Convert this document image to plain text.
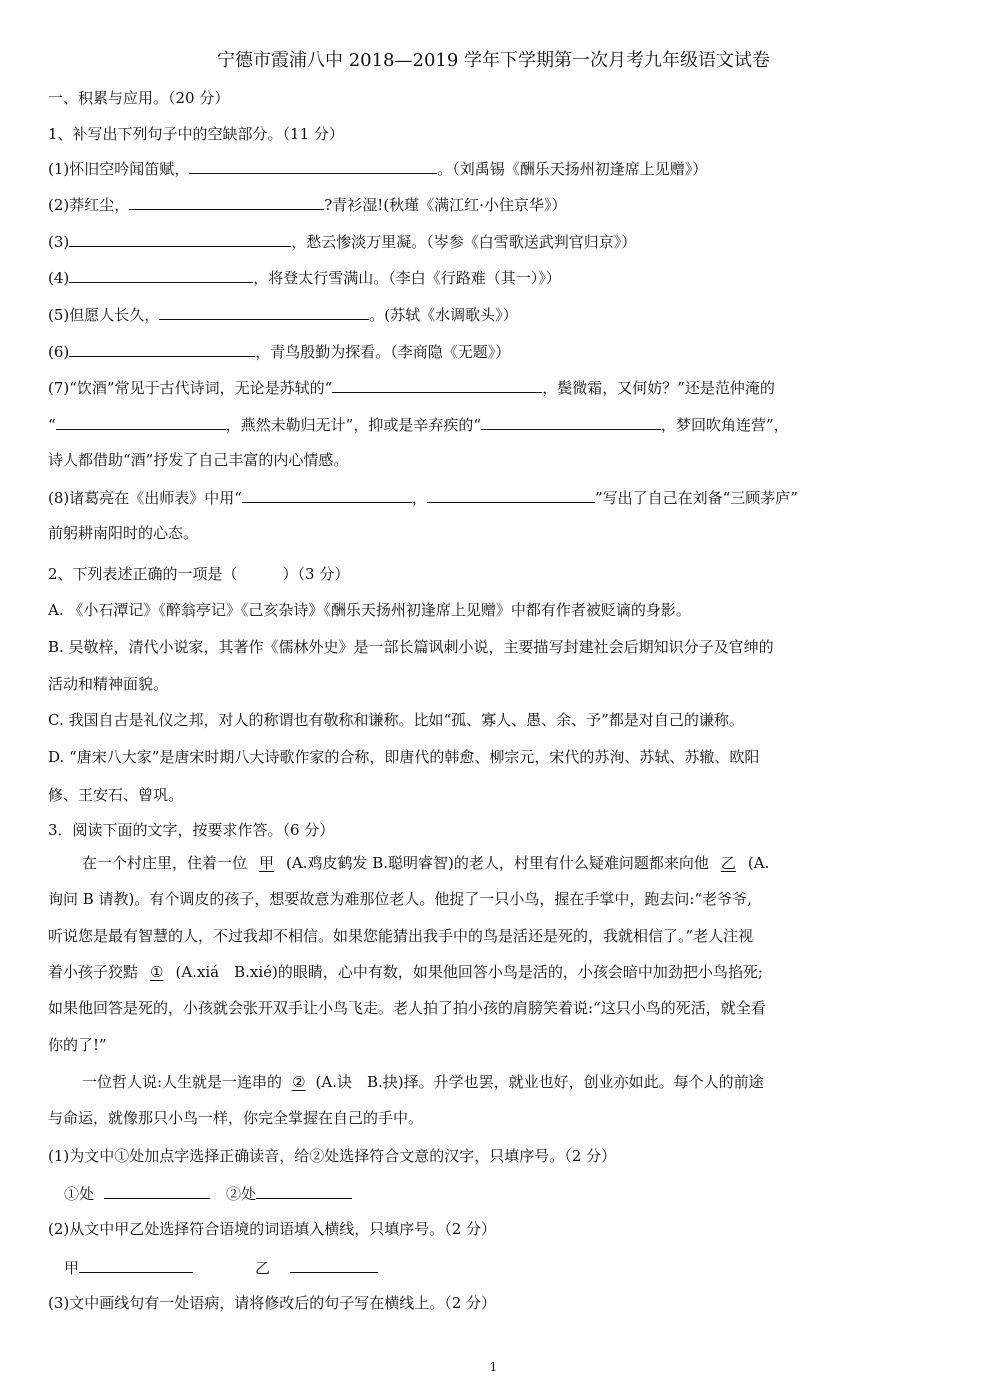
宁德市霞浦八中 2018—2019 学年下学期第一次月考九年级语文试卷
一、积累与应用。（20 分）
1、补写出下列句子中的空缺部分。（11 分）
(1)怀旧空吟闻笛赋，	。（刘禹锡《酬乐天扬州初逢席上见赠》）
(2)莽红尘，	?青衫湿!(秋瑾《满江红·小住京华》）
(3)	，愁云惨淡万里凝。（岑参《白雪歌送武判官归京》）
(4)	，将登太行雪满山。（李白《行路难（其一）》）
(5)但愿人长久，	。(苏轼《水调歌头》）
(6)	，青鸟殷勤为探看。（李商隐《无题》）
(7)“饮酒”常见于古代诗词，无论是苏轼的“	，鬓微霜，又何妨？”还是范仲淹的
“	，燕然未勒归无计”，抑或是辛弃疾的“	，梦回吹角连营”，
诗人都借助“酒”抒发了自己丰富的内心情感。
(8)诸葛亮在《出师表》中用“	，	”写出了自己在刘备“三顾茅庐”
前躬耕南阳时的心态。
2、下列表述正确的一项是（　　　）（3 分）
A. 《小石潭记》《醉翁亭记》《己亥杂诗》《酬乐天扬州初逢席上见赠》中都有作者被贬谪的身影。
B. 吴敬梓，清代小说家，其著作《儒林外史》是一部长篇讽刺小说，主要描写封建社会后期知识分子及官绅的
活动和精神面貌。
C. 我国自古是礼仪之邦，对人的称谓也有敬称和谦称。比如“孤、寡人、愚、余、予”都是对自己的谦称。
D. “唐宋八大家”是唐宋时期八大诗歌作家的合称，即唐代的韩愈、柳宗元，宋代的苏洵、苏轼、苏辙、欧阳
修、王安石、曾巩。
3．阅读下面的文字，按要求作答。（6 分）
在一个村庄里，住着一位 甲 (A.鸡皮鹤发 B.聪明睿智)的老人，村里有什么疑难问题都来向他 乙 (A.
询问 B 请教)。有个调皮的孩子，想要故意为难那位老人。他捉了一只小鸟，握在手掌中，跑去问:“老爷爷,
听说您是最有智慧的人，不过我却不相信。如果您能猜出我手中的鸟是活还是死的，我就相信了。”老人注视
着小孩子狡黠 ① (A.xiá　B.xié)的眼睛，心中有数，如果他回答小鸟是活的，小孩会暗中加劲把小鸟掐死;
如果他回答是死的，小孩就会张开双手让小鸟飞走。老人拍了拍小孩的肩膀笑着说:“这只小鸟的死活，就全看
你的了!”
一位哲人说:人生就是一连串的 ② (A.诀　B.抉)择。升学也罢，就业也好，创业亦如此。每个人的前途
与命运，就像那只小鸟一样，你完全掌握在自己的手中。
(1)为文中①处加点字选择正确读音，给②处选择符合文意的汉字，只填序号。（2 分）
①处	②处
(2)从文中甲乙处选择符合语境的词语填入横线，只填序号。（2 分）
甲	乙
(3)文中画线句有一处语病，请将修改后的句子写在横线上。（2 分）
1
